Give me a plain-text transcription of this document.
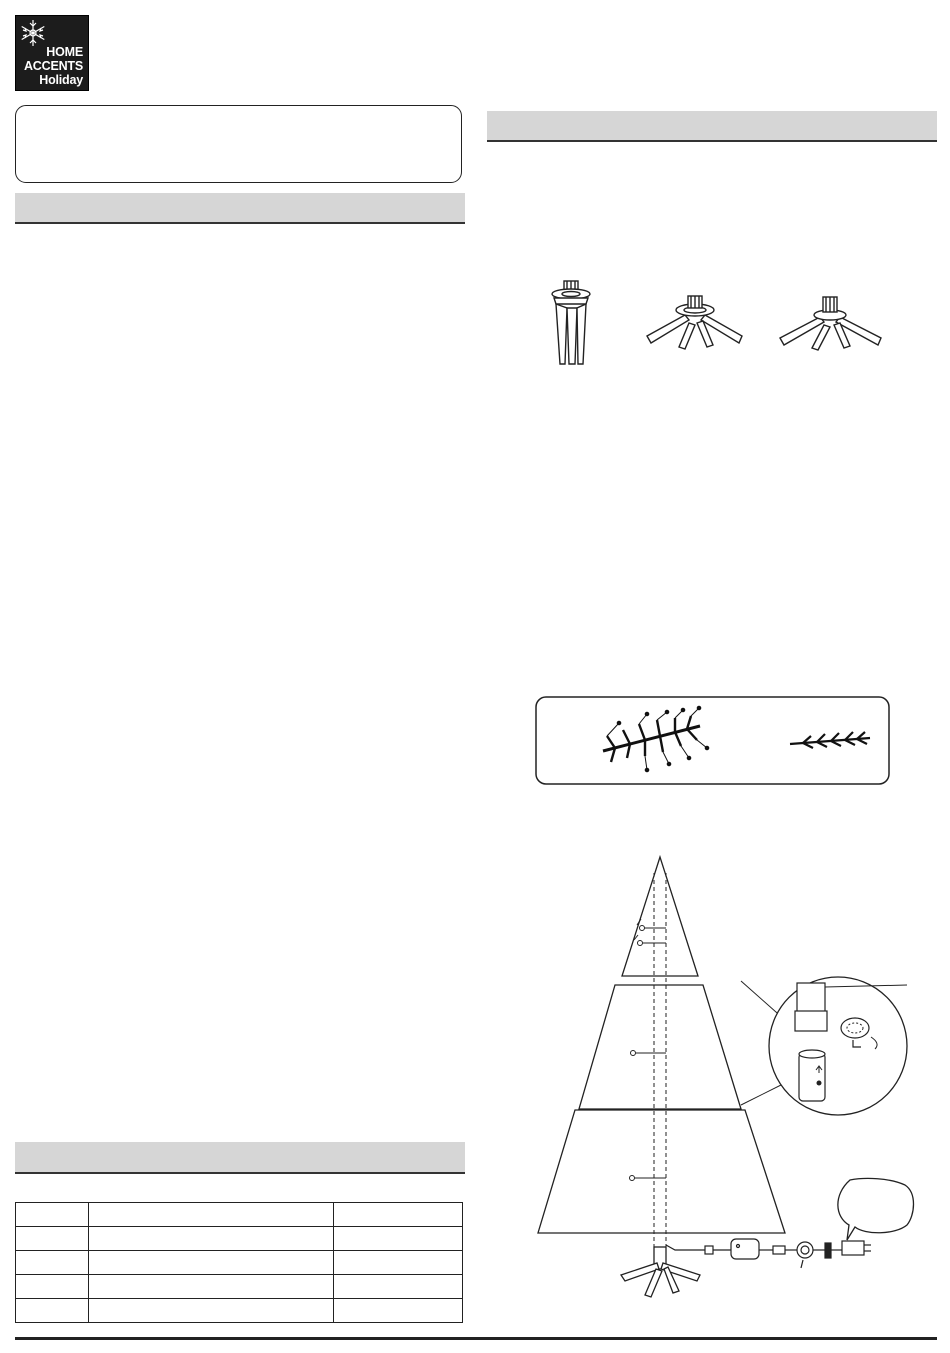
HOME
ACCENTS
Holiday
